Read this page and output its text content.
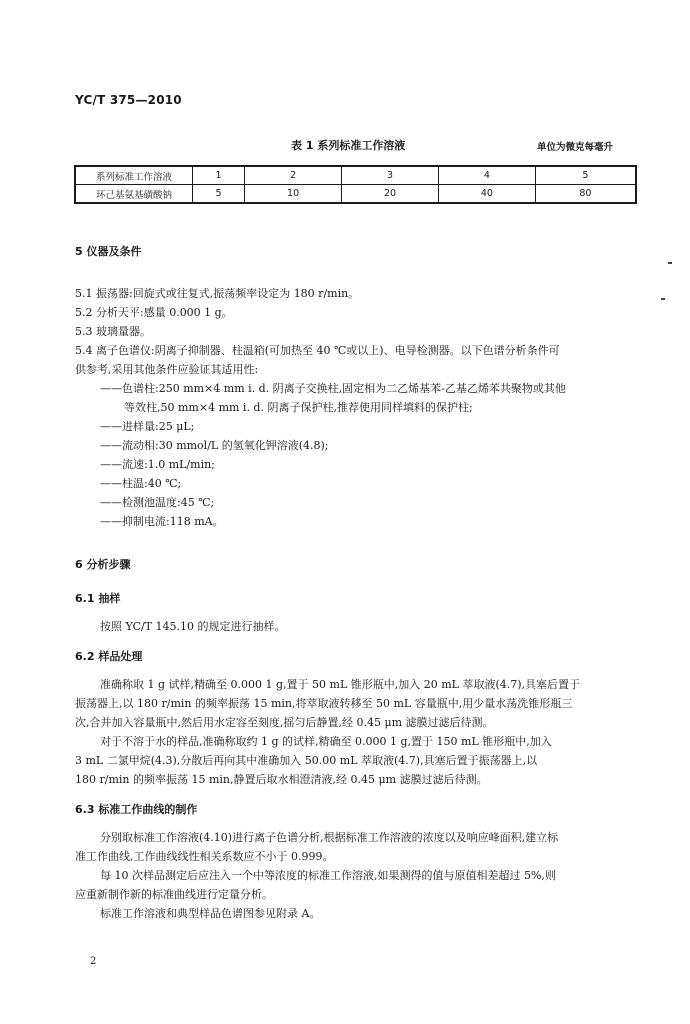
YC/T 375—2010
表 1 系列标准工作溶液	单位为微克每毫升
系列标准工作溶液	1	2	3	4	5
环己基氨基磺酸钠	5	10	20	40	80
5 仪器及条件
5.1 振荡器:回旋式或往复式,振荡频率设定为 180 r/min。
5.2 分析天平:感量 0.000 1 g。
5.3 玻璃量器。
5.4 离子色谱仪:阴离子抑制器、柱温箱(可加热至 40 ℃或以上)、电导检测器。以下色谱分析条件可
供参考,采用其他条件应验证其适用性:
——色谱柱:250 mm×4 mm i. d. 阴离子交换柱,固定相为二乙烯基苯-乙基乙烯苯共聚物或其他
等效柱,50 mm×4 mm i. d. 阴离子保护柱,推荐使用同样填料的保护柱;
——进样量:25 μL;
——流动相:30 mmol/L 的氢氧化钾溶液(4.8);
——流速:1.0 mL/min;
——柱温:40 ℃;
——检测池温度:45 ℃;
——抑制电流:118 mA。
6 分析步骤
6.1 抽样
按照 YC/T 145.10 的规定进行抽样。
6.2 样品处理
准确称取 1 g 试样,精确至 0.000 1 g,置于 50 mL 锥形瓶中,加入 20 mL 萃取液(4.7),具塞后置于
振荡器上,以 180 r/min 的频率振荡 15 min,将萃取液转移至 50 mL 容量瓶中,用少量水荡洗锥形瓶三
次,合并加入容量瓶中,然后用水定容至刻度,摇匀后静置,经 0.45 μm 滤膜过滤后待测。
对于不溶于水的样品,准确称取约 1 g 的试样,精确至 0.000 1 g,置于 150 mL 锥形瓶中,加入
3 mL 二氯甲烷(4.3),分散后再向其中准确加入 50.00 mL 萃取液(4.7),具塞后置于振荡器上,以
180 r/min 的频率振荡 15 min,静置后取水相澄清液,经 0.45 μm 滤膜过滤后待测。
6.3 标准工作曲线的制作
分别取标准工作溶液(4.10)进行离子色谱分析,根据标准工作溶液的浓度以及响应峰面积,建立标
准工作曲线,工作曲线线性相关系数应不小于 0.999。
每 10 次样品测定后应注入一个中等浓度的标准工作溶液,如果测得的值与原值相差超过 5%,则
应重新制作新的标准曲线进行定量分析。
标准工作溶液和典型样品色谱图参见附录 A。
2
